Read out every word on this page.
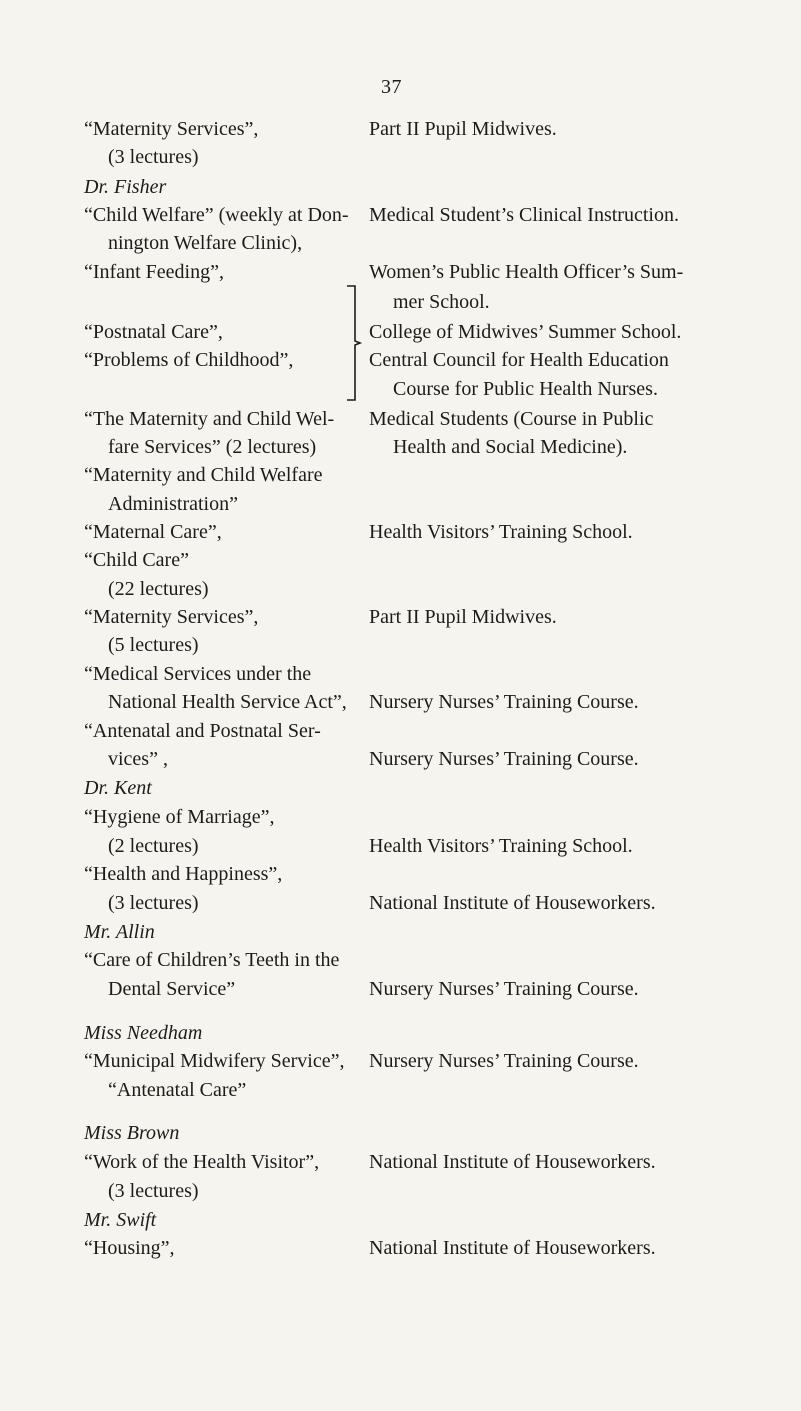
37
“Maternity Services”,
(3 lectures)
Dr. Fisher
“Child Welfare” (weekly at Don-
nington Welfare Clinic),
“Infant Feeding”,
“Postnatal Care”,
“Problems of Childhood”,
“The Maternity and Child Wel-
fare Services” (2 lectures)
“Maternity and Child Welfare
Administration”
“Maternal Care”,
“Child Care”
(22 lectures)
“Maternity Services”,
(5 lectures)
“Medical Services under the
National Health Service Act”,
“Antenatal and Postnatal Ser-
vices” ,
Dr. Kent
“Hygiene of Marriage”,
(2 lectures)
“Health and Happiness”,
(3 lectures)
Mr. Allin
“Care of Children’s Teeth in the
Dental Service”
Miss Needham
“Municipal Midwifery Service”,
“Antenatal Care”
Miss Brown
“Work of the Health Visitor”,
(3 lectures)
Mr. Swift
“Housing”,
Part II Pupil Midwives.
Medical Student’s Clinical Instruction.
Women’s Public Health Officer’s Sum-
mer School.
College of Midwives’ Summer School.
Central Council for Health Education
Course for Public Health Nurses.
Medical Students (Course in Public
Health and Social Medicine).
Health Visitors’ Training School.
Part II Pupil Midwives.
Nursery Nurses’ Training Course.
Nursery Nurses’ Training Course.
Health Visitors’ Training School.
National Institute of Houseworkers.
Nursery Nurses’ Training Course.
Nursery Nurses’ Training Course.
National Institute of Houseworkers.
National Institute of Houseworkers.
